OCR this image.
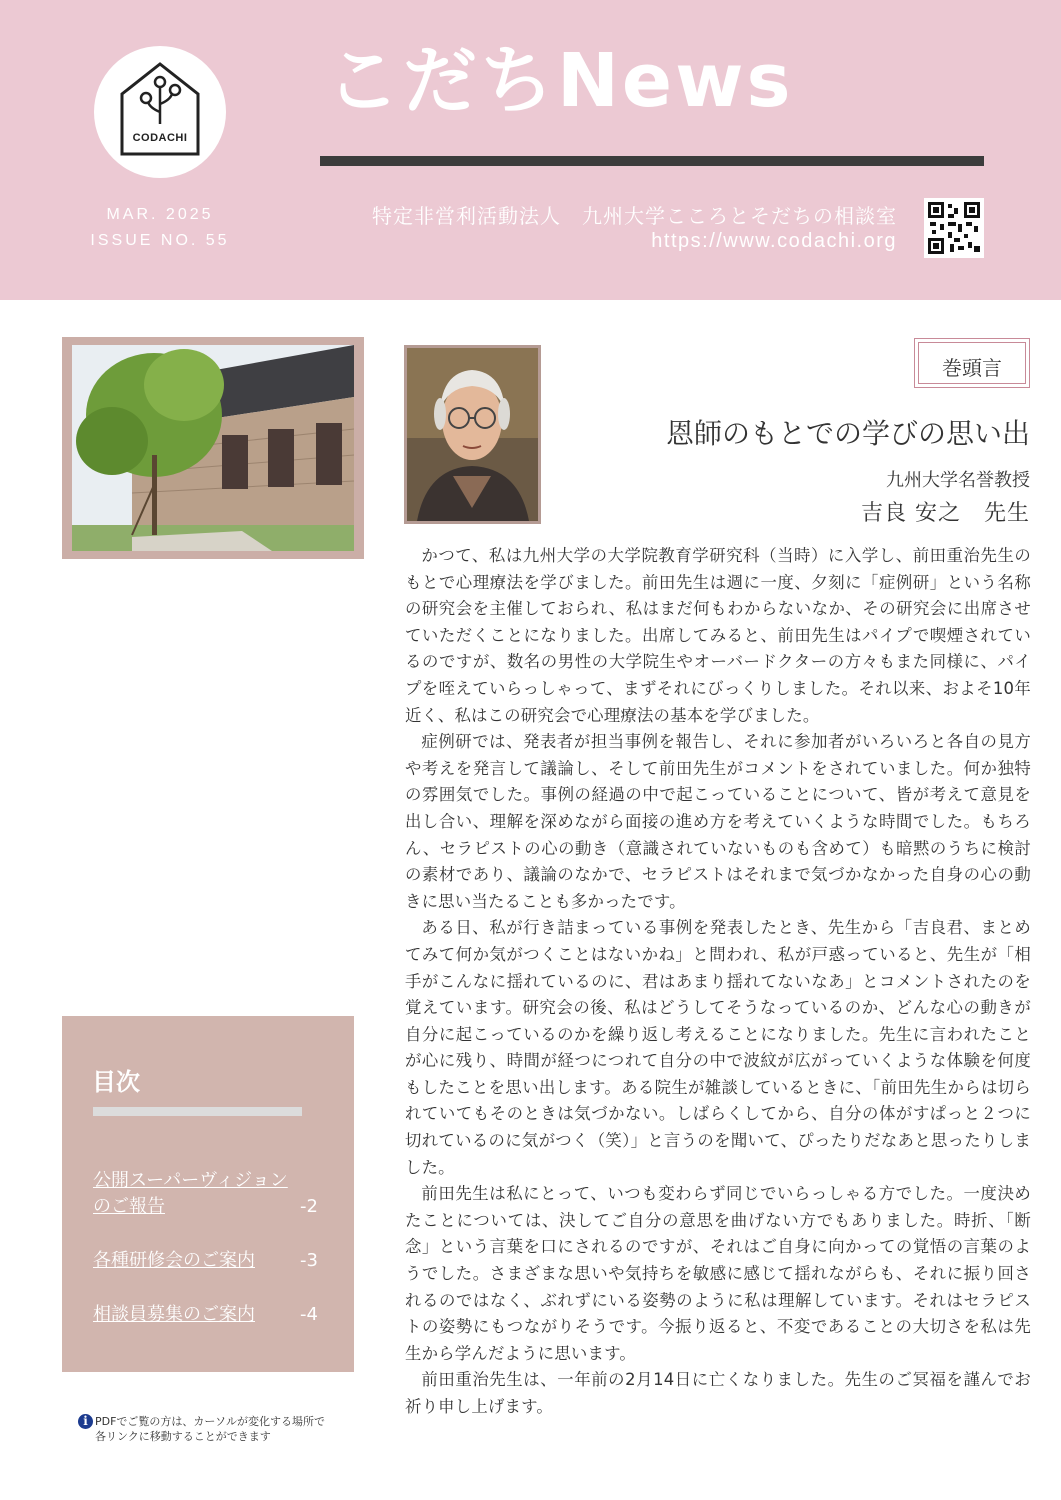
CODACHI
こだちNews
MAR. 2025
ISSUE NO. 55
特定非営利活動法人　九州大学こころとそだちの相談室
https://www.codachi.org
巻頭言
恩師のもとでの学びの思い出
九州大学名誉教授
吉良 安之　先生

かつて、私は九州大学の大学院教育学研究科（当時）に入学し、前田重治先生のもとで心理療法を学びました。前田先生は週に一度、夕刻に「症例研」という名称の研究会を主催しておられ、私はまだ何もわからないなか、その研究会に出席させていただくことになりました。出席してみると、前田先生はパイプで喫煙されているのですが、数名の男性の大学院生やオーバードクターの方々もまた同様に、パイプを咥えていらっしゃって、まずそれにびっくりしました。それ以来、およそ10年近く、私はこの研究会で心理療法の基本を学びました。

症例研では、発表者が担当事例を報告し、それに参加者がいろいろと各自の見方や考えを発言して議論し、そして前田先生がコメントをされていました。何か独特の雰囲気でした。事例の経過の中で起こっていることについて、皆が考えて意見を出し合い、理解を深めながら面接の進め方を考えていくような時間でした。もちろん、セラピストの心の動き（意識されていないものも含めて）も暗黙のうちに検討の素材であり、議論のなかで、セラピストはそれまで気づかなかった自身の心の動きに思い当たることも多かったです。

ある日、私が行き詰まっている事例を発表したとき、先生から「吉良君、まとめてみて何か気がつくことはないかね」と問われ、私が戸惑っていると、先生が「相手がこんなに揺れているのに、君はあまり揺れてないなあ」とコメントされたのを覚えています。研究会の後、私はどうしてそうなっているのか、どんな心の動きが自分に起こっているのかを繰り返し考えることになりました。先生に言われたことが心に残り、時間が経つにつれて自分の中で波紋が広がっていくような体験を何度もしたことを思い出します。ある院生が雑談しているときに、「前田先生からは切られていてもそのときは気づかない。しばらくしてから、自分の体がすぱっと２つに切れているのに気がつく（笑）」と言うのを聞いて、ぴったりだなあと思ったりしました。

前田先生は私にとって、いつも変わらず同じでいらっしゃる方でした。一度決めたことについては、決してご自分の意思を曲げない方でもありました。時折、「断念」という言葉を口にされるのですが、それはご自身に向かっての覚悟の言葉のようでした。さまざまな思いや気持ちを敏感に感じて揺れながらも、それに振り回されるのではなく、ぶれずにいる姿勢のように私は理解しています。それはセラピストの姿勢にもつながりそうです。今振り返ると、不変であることの大切さを私は先生から学んだように思います。

前田重治先生は、一年前の2月14日に亡くなりました。先生のご冥福を謹んでお祈り申し上げます。

目次
公開スーパーヴィジョン
のご報告	-2
各種研修会のご案内	-3
相談員募集のご案内	-4
i PDFでご覧の方は、カーソルが変化する場所で
各リンクに移動することができます
